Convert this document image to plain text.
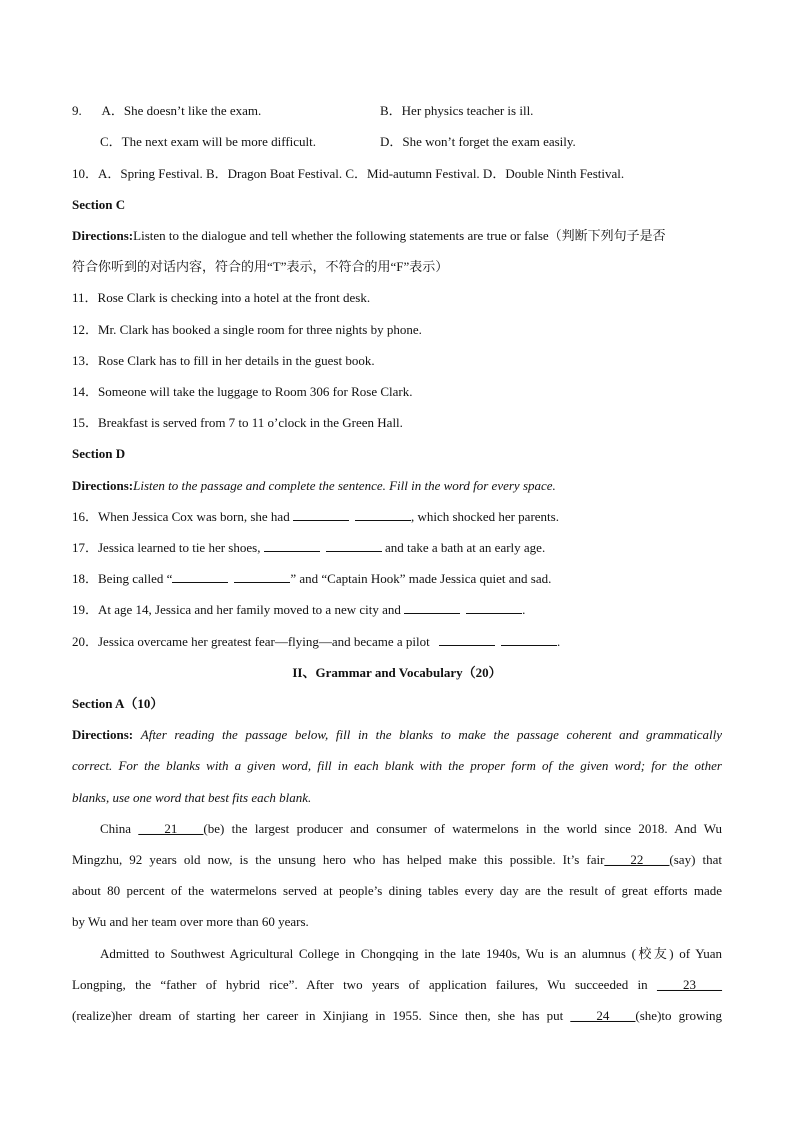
9. A．She doesn’t like the exam.	B．Her physics teacher is ill.
C．The next exam will be more difficult.	D．She won’t forget the exam easily.
10．A．Spring Festival. B．Dragon Boat Festival. C．Mid-autumn Festival. D．Double Ninth Festival.
Section C
Directions:Listen to the dialogue and tell whether the following statements are true or false（判断下列句子是否
符合你听到的对话内容，符合的用“T”表示，不符合的用“F”表示）
11．Rose Clark is checking into a hotel at the front desk.
12．Mr. Clark has booked a single room for three nights by phone.
13．Rose Clark has to fill in her details in the guest book.
14．Someone will take the luggage to Room 306 for Rose Clark.
15．Breakfast is served from 7 to 11 o’clock in the Green Hall.
Section D
Directions:Listen to the passage and complete the sentence. Fill in the word for every space.
16．When Jessica Cox was born, she had	, which shocked her parents.
17．Jessica learned to tie her shoes,	and take a bath at an early age.
18．Being called “	” and “Captain Hook” made Jessica quiet and sad.
19．At age 14, Jessica and her family moved to a new city and	.
20．Jessica overcame her greatest fear—flying—and became a pilot	.
II、Grammar and Vocabulary（20）
Section A（10）
Directions: After reading the passage below, fill in the blanks to make the passage coherent and grammatically
correct. For the blanks with a given word, fill in each blank with the proper form of the given word; for the other
blanks, use one word that best fits each blank.
China ____21____(be) the largest producer and consumer of watermelons in the world since 2018. And Wu
Mingzhu, 92 years old now, is the unsung hero who has helped make this possible. It’s fair____22____(say) that
about 80 percent of the watermelons served at people’s dining tables every day are the result of great efforts made
by Wu and her team over more than 60 years.
Admitted to Southwest Agricultural College in Chongqing in the late 1940s, Wu is an alumnus (校友) of Yuan
Longping, the “father of hybrid rice”. After two years of application failures, Wu succeeded in ____23____
(realize)her dream of starting her career in Xinjiang in 1955. Since then, she has put ____24____(she)to growing
